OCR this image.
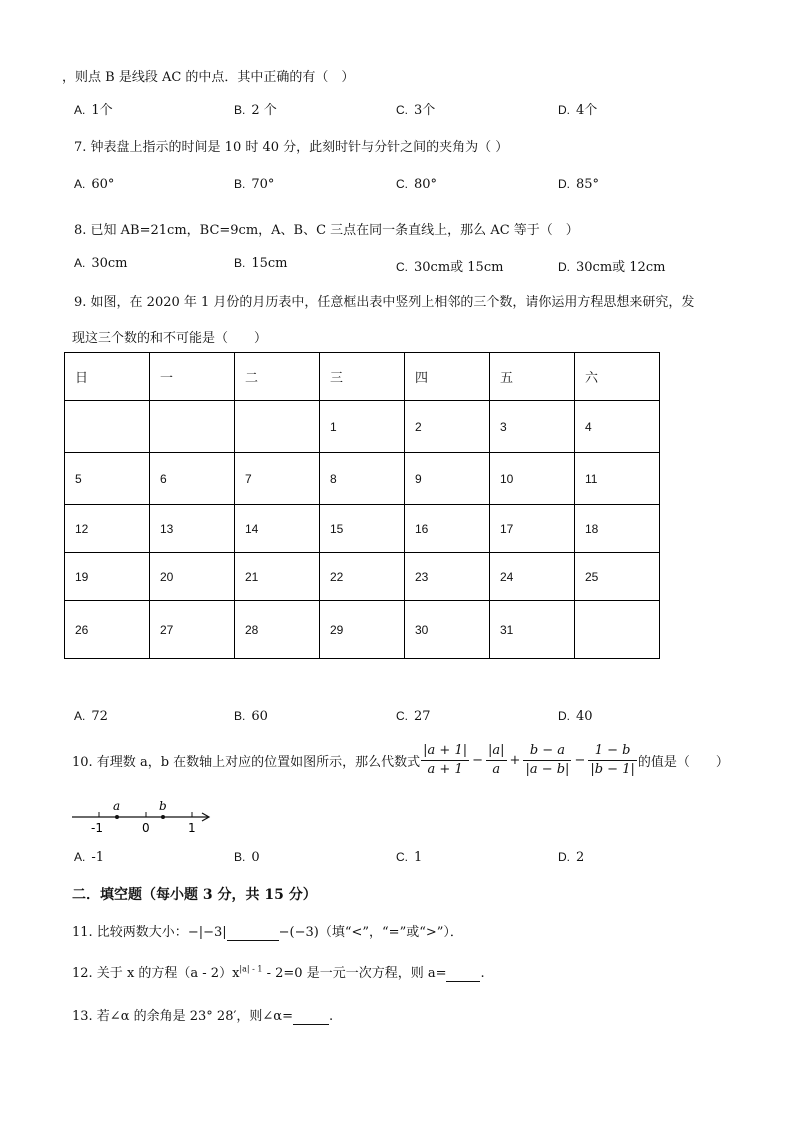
，则点 B 是线段 AC 的中点．其中正确的有（　）
A. 1个	B. 2 个	C. 3个	D. 4个
7. 钟表盘上指示的时间是 10 时 40 分，此刻时针与分针之间的夹角为（ ）
A. 60°	B. 70°	C. 80°	D. 85°
8. 已知 AB=21cm，BC=9cm，A、B、C 三点在同一条直线上，那么 AC 等于（　）
A. 30cm	B. 15cm	C. 30cm或 15cm	D. 30cm或 12cm
9. 如图，在 2020 年 1 月份的月历表中，任意框出表中竖列上相邻的三个数，请你运用方程思想来研究，发
现这三个数的和不可能是（　　）
日	一	二	三	四	五	六
			1	2	3	4
5	6	7	8	9	10	11
12	13	14	15	16	17	18
19	20	21	22	23	24	25
26	27	28	29	30	31	
A. 72	B. 60	C. 27	D. 40
10. 有理数 a，b 在数轴上对应的位置如图所示，那么代数式 $\frac{|a + 1|}{a + 1} - \frac{|a|}{a} + \frac{b - a}{|a - b|} - \frac{1 - b}{|b - 1|}$ 的值是（　　）
a	b
-1	0	1
A. -1	B. 0	C. 1	D. 2
二．填空题（每小题 3 分，共 15 分）
11. 比较两数大小：−|−3|	−(−3)（填“<”，“=”或“>”）．
12. 关于 x 的方程$(a - 2)x^{|a| - 1} - 2=0$ 是一元一次方程，则 a=	.
13. 若∠α 的余角是 23° 28′，则∠α=	.
